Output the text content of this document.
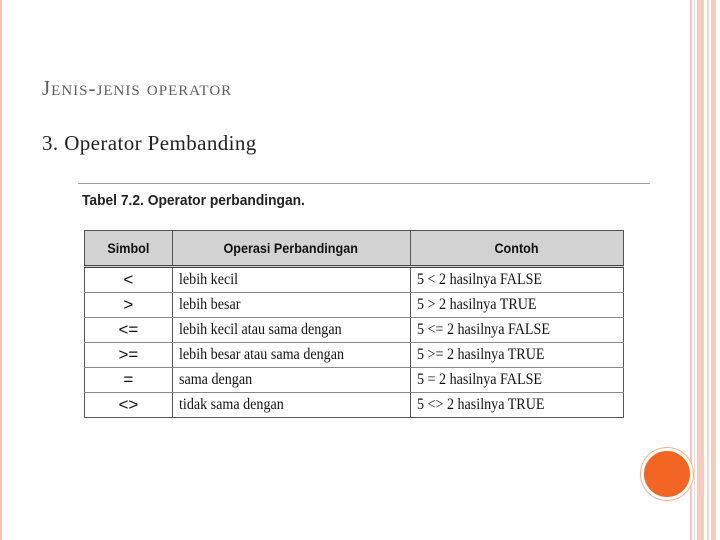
Jenis-jenis operator
3. Operator Pembanding
Tabel 7.2. Operator perbandingan.
Simbol	Operasi Perbandingan	Contoh
<	lebih kecil	5 < 2 hasilnya FALSE
>	lebih besar	5 > 2 hasilnya TRUE
<=	lebih kecil atau sama dengan	5 <= 2 hasilnya FALSE
>=	lebih besar atau sama dengan	5 >= 2 hasilnya TRUE
=	sama dengan	5 = 2 hasilnya FALSE
<>	tidak sama dengan	5 <> 2 hasilnya TRUE
